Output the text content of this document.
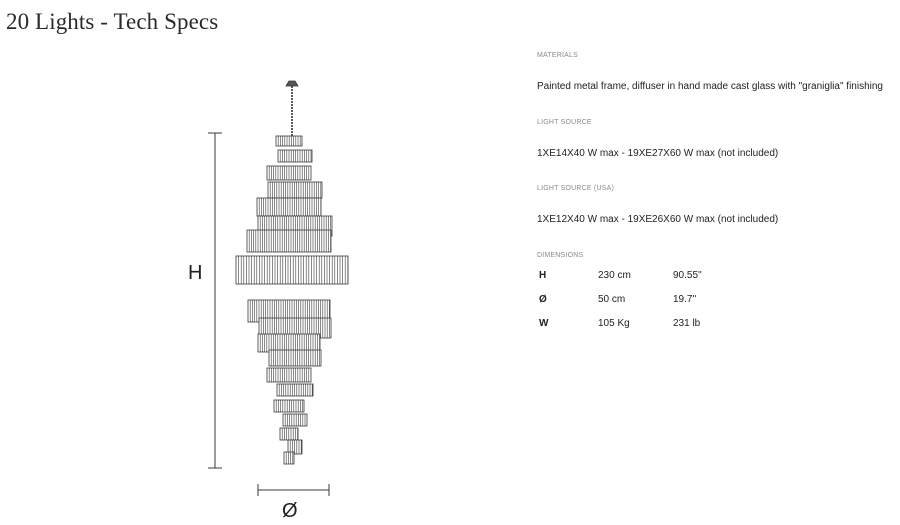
20 Lights - Tech Specs
H
Ø
MATERIALS
Painted metal frame, diffuser in hand made cast glass with "graniglia" finishing
LIGHT SOURCE
1XE14X40 W max - 19XE27X60 W max (not included)
LIGHT SOURCE (USA)
1XE12X40 W max - 19XE26X60 W max (not included)
DIMENSIONS
H	230 cm	90.55''
Ø	50 cm	19.7''
W	105 Kg	231 lb
